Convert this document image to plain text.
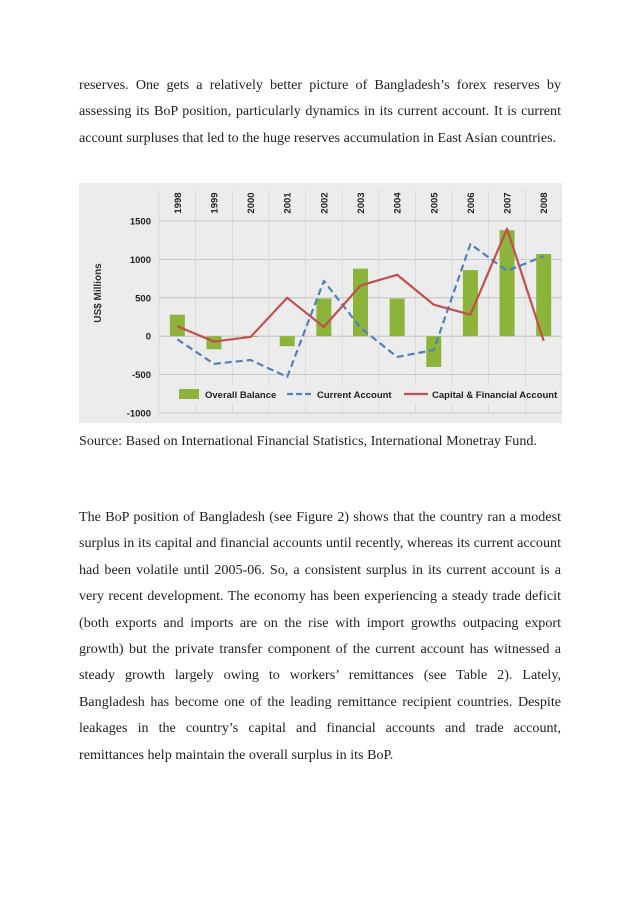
reserves. One gets a relatively better picture of Bangladesh’s forex reserves by assessing its BoP position, particularly dynamics in its current account. It is current account surpluses that led to the huge reserves accumulation in East Asian countries.

1500
1000
500
0
-500
-1000
1998	1999	2000	2001	2002	2003	2004	2005	2006	2007	2008
US$ Millions
Overall Balance	Current Account	Capital & Financial Account

Source: Based on International Financial Statistics, International Monetray Fund.

The BoP position of Bangladesh (see Figure 2) shows that the country ran a modest surplus in its capital and financial accounts until recently, whereas its current account had been volatile until 2005-06. So, a consistent surplus in its current account is a very recent development. The economy has been experiencing a steady trade deficit (both exports and imports are on the rise with import growths outpacing export growth) but the private transfer component of the current account has witnessed a steady growth largely owing to workers’ remittances (see Table 2). Lately, Bangladesh has become one of the leading remittance recipient countries. Despite leakages in the country’s capital and financial accounts and trade account, remittances help maintain the overall surplus in its BoP.
